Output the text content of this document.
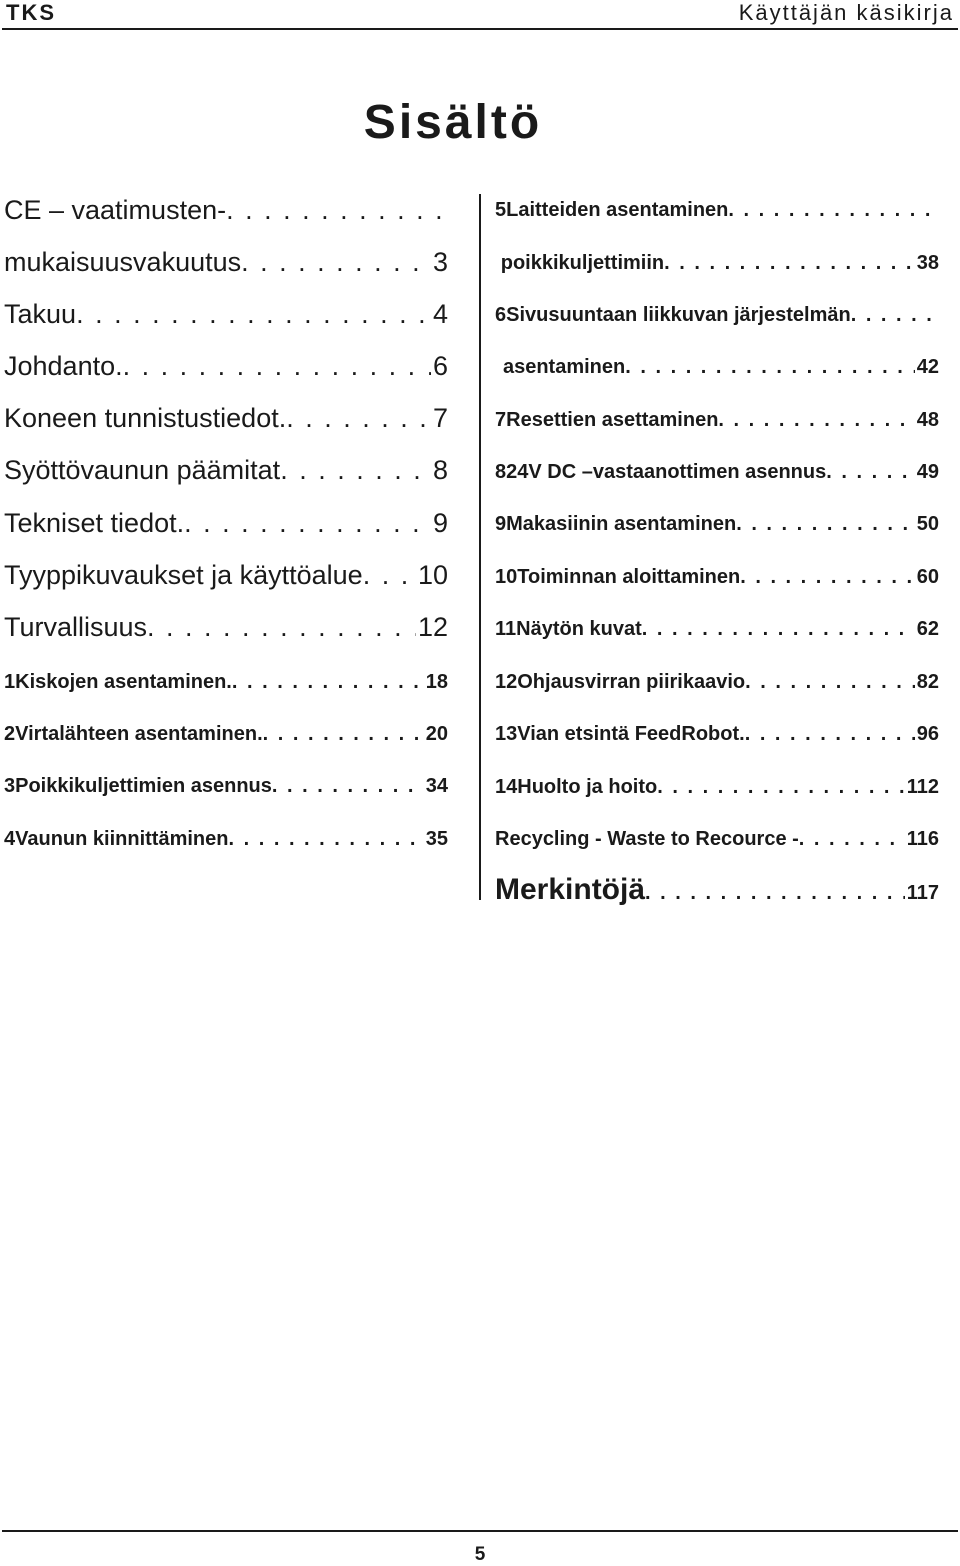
TKS	Käyttäjän käsikirja
Sisältö
CE – vaatimusten-
. . .
mukaisuusvakuutus . . .	3
Takuu . . .	4
Johdanto. . . .	6
Koneen tunnistustiedot. . . .	7
Syöttövaunun päämitat . . .	8
Tekniset tiedot. . . .	9
Tyyppikuvaukset ja käyttöalue . . . 10
Turvallisuus . . .	12
1 Kiskojen asentaminen. . . .	18
2 Virtalähteen asentaminen. . . .	20
3 Poikkikuljettimien asennus . . .	34
4 Vaunun kiinnittäminen . . .	35
5 Laitteiden asentaminen
. . .
poikkikuljettimiin . . .	38
6 Sivusuuntaan liikkuvan järjestelmän
. . .
asentaminen . . .	42
7 Resettien asettaminen . . .	48
8 24V DC –vastaanottimen asennus . . .	49
9 Makasiinin asentaminen . . .	50
10 Toiminnan aloittaminen . . .	60
11 Näytön kuvat . . .	62
12 Ohjausvirran piirikaavio . . .	82
13 Vian etsintä FeedRobot. . . .	96
14 Huolto ja hoito . . .	112
Recycling - Waste to Recource - . . .	116
Merkintöjä . . .	117
5
